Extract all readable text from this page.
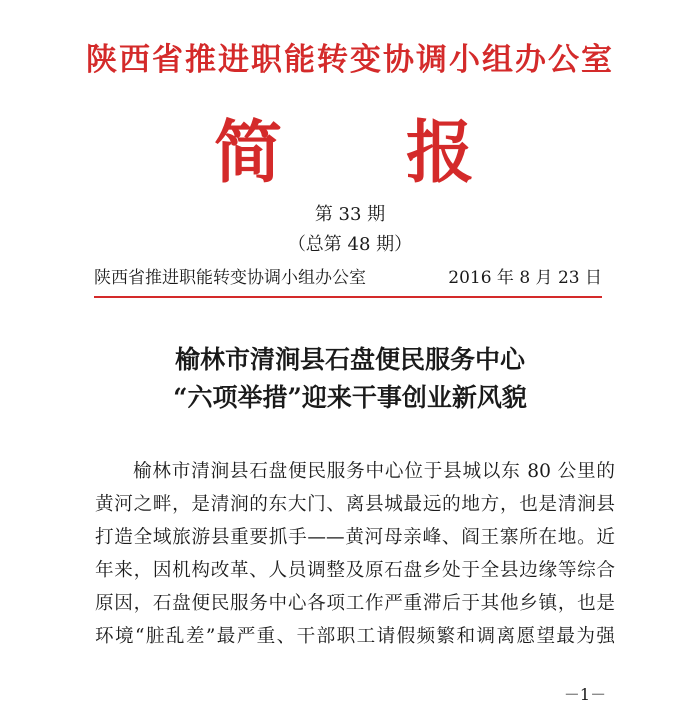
陕西省推进职能转变协调小组办公室
简 报
第 33 期
（总第 48 期）
陕西省推进职能转变协调小组办公室	2016 年 8 月 23 日
榆林市清涧县石盘便民服务中心
“六项举措”迎来干事创业新风貌
榆林市清涧县石盘便民服务中心位于县城以东 80 公里的
黄河之畔，是清涧的东大门、离县城最远的地方，也是清涧县
打造全域旅游县重要抓手——黄河母亲峰、阎王寨所在地。近
年来，因机构改革、人员调整及原石盘乡处于全县边缘等综合
原因，石盘便民服务中心各项工作严重滞后于其他乡镇，也是
环境“脏乱差”最严重、干部职工请假频繁和调离愿望最为强
－1－
